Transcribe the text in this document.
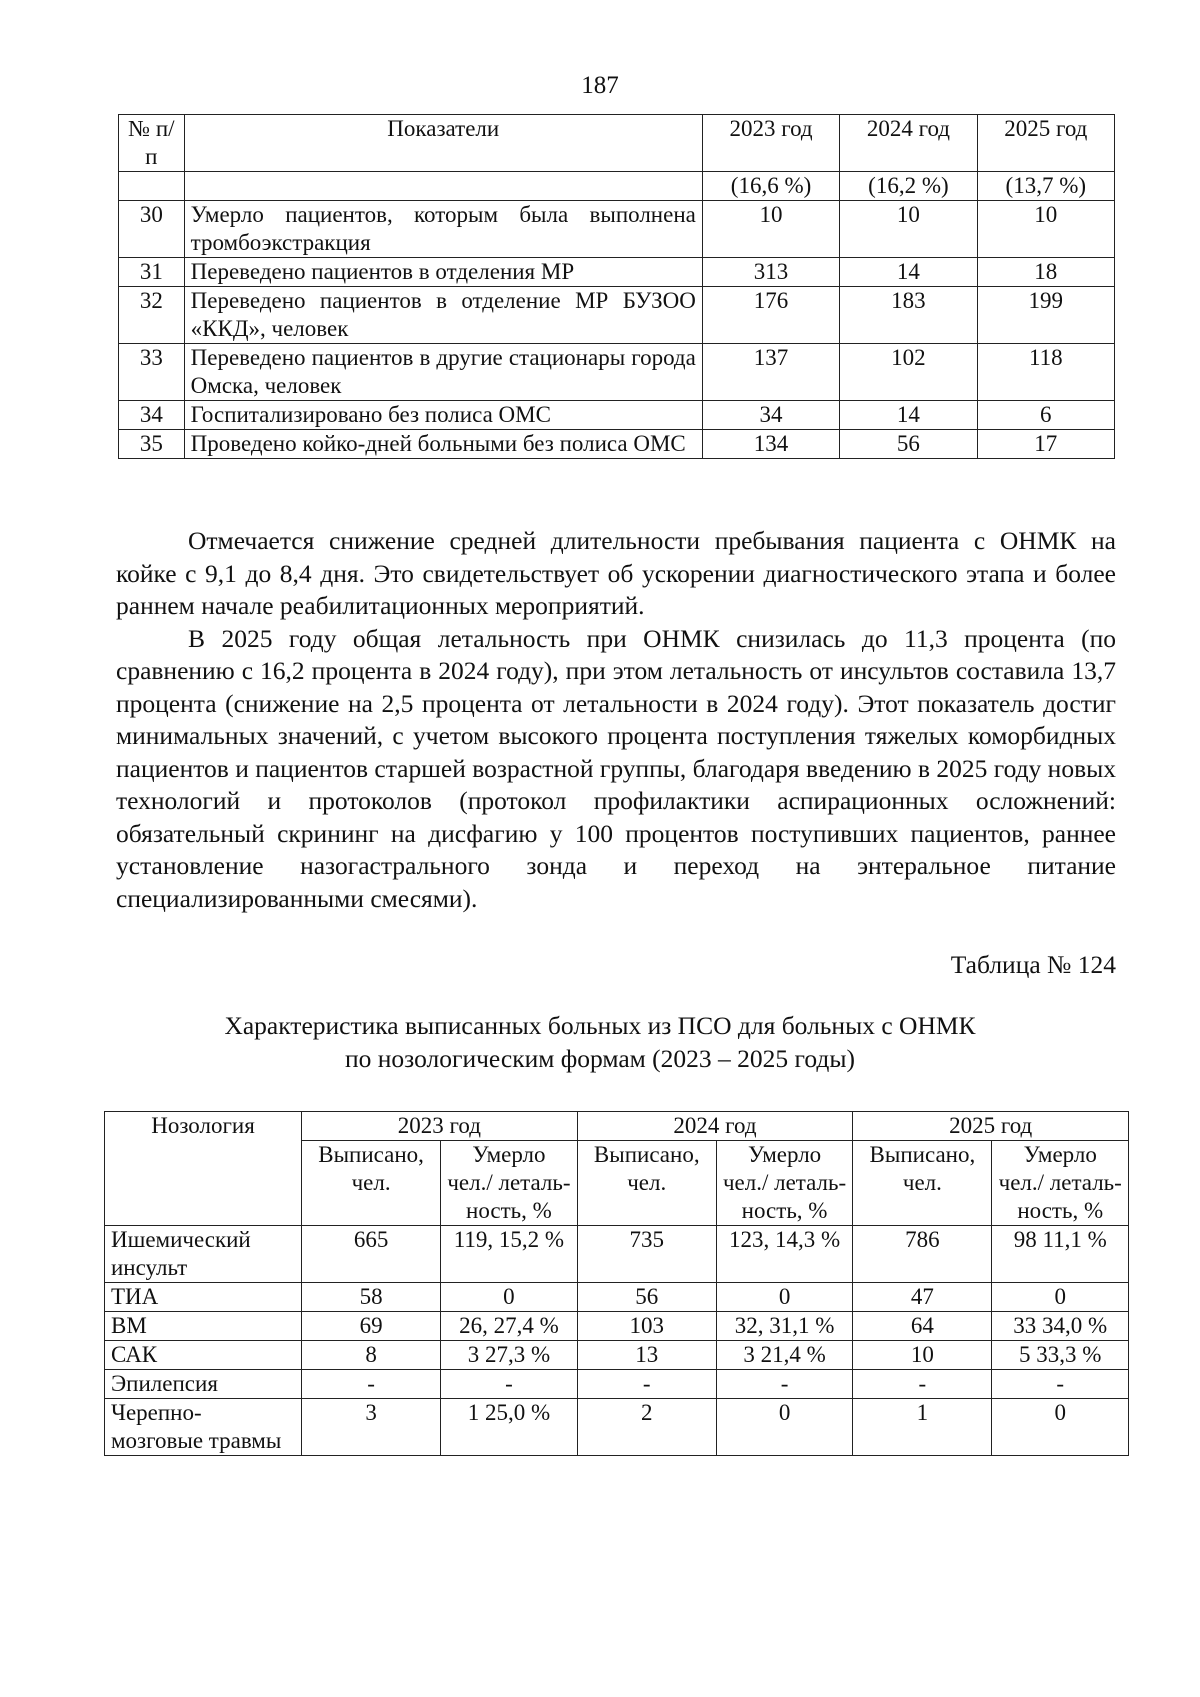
187
№ п/п	Показатели	2023 год	2024 год	2025 год
		(16,6 %)	(16,2 %)	(13,7 %)
30	Умерло пациентов, которым была выполнена тромбоэкстракция	10	10	10
31	Переведено пациентов в отделения МР	313	14	18
32	Переведено пациентов в отделение МР БУЗОО «ККД», человек	176	183	199
33	Переведено пациентов в другие стационары города Омска, человек	137	102	118
34	Госпитализировано без полиса ОМС	34	14	6
35	Проведено койко-дней больными без полиса ОМС	134	56	17

Отмечается снижение средней длительности пребывания пациента с ОНМК на койке с 9,1 до 8,4 дня. Это свидетельствует об ускорении диагностического этапа и более раннем начале реабилитационных мероприятий.

В 2025 году общая летальность при ОНМК снизилась до 11,3 процента (по сравнению с 16,2 процента в 2024 году), при этом летальность от инсультов составила 13,7 процента (снижение на 2,5 процента от летальности в 2024 году). Этот показатель достиг минимальных значений, с учетом высокого процента поступления тяжелых коморбидных пациентов и пациентов старшей возрастной группы, благодаря введению в 2025 году новых технологий и протоколов (протокол профилактики аспирационных осложнений: обязательный скрининг на дисфагию у 100 процентов поступивших пациентов, раннее установление назогастрального зонда и переход на энтеральное питание специализированными смесями).

Таблица № 124
Характеристика выписанных больных из ПСО для больных с ОНМК
по нозологическим формам (2023 – 2025 годы)
Нозология	2023 год		2024 год		2025 год	
	Выписано, чел.	Умерло чел./ леталь- ность, %	Выписано, чел.	Умерло чел./ леталь- ность, %	Выписано, чел.	Умерло чел./ леталь- ность, %
Ишемический инсульт	665	119, 15,2 %	735	123, 14,3 %	786	98 11,1 %
ТИА	58	0	56	0	47	0
ВМ	69	26, 27,4 %	103	32, 31,1 %	64	33 34,0 %
САК	8	3 27,3 %	13	3 21,4 %	10	5 33,3 %
Эпилепсия	-	-	-	-	-	-
Черепно- мозговые травмы	3	1 25,0 %	2	0	1	0
